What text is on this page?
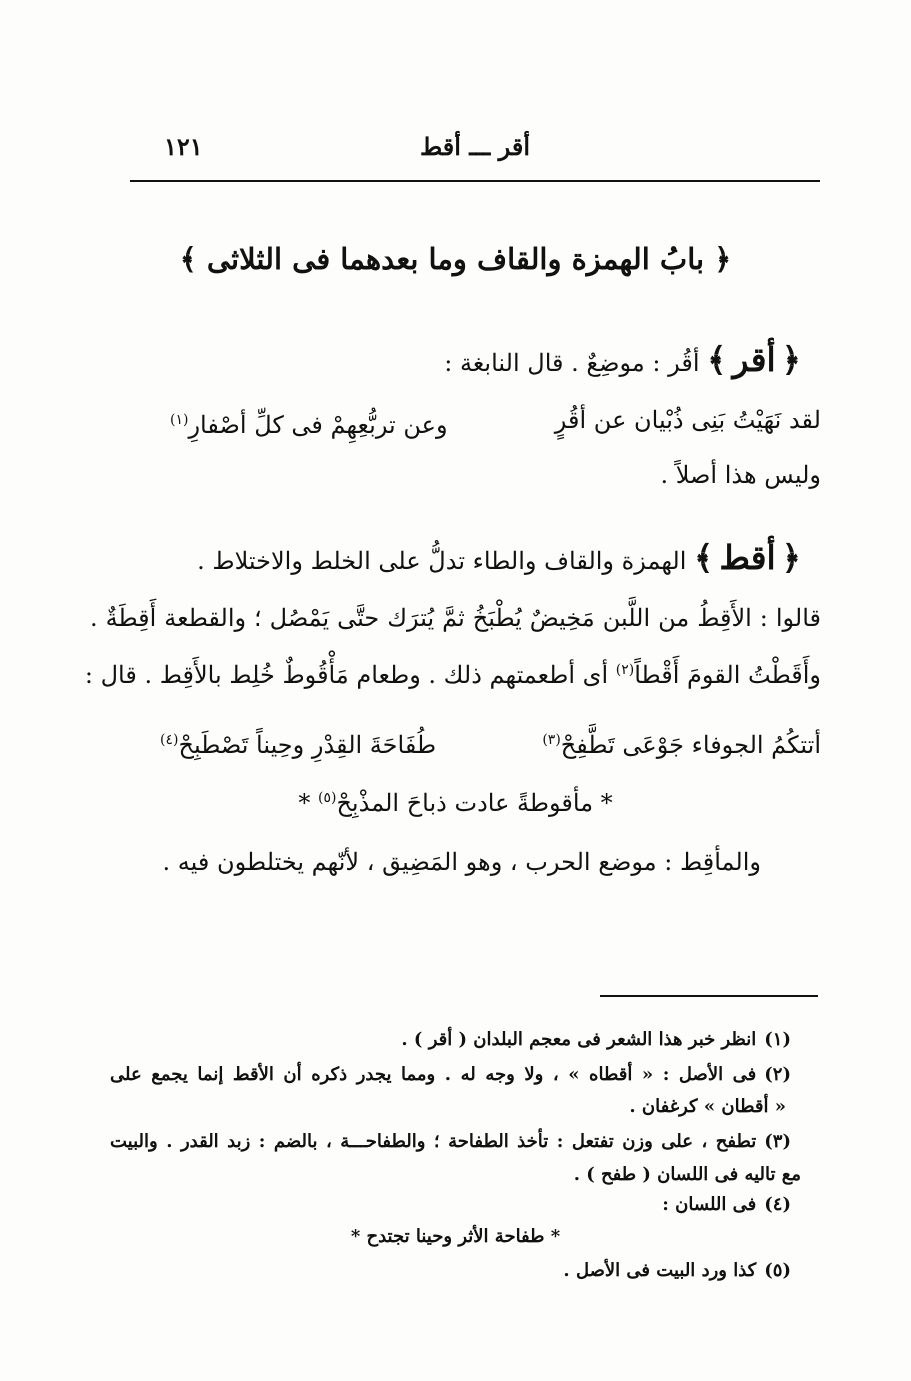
١٢١	أقر ـــ أقط
﴿ بابُ الهمزة والقاف وما بعدهما فى الثلاثى ﴾
﴿أقر﴾ أقُر : موضِعٌ . قال النابغة :
لقد نَهَيْتُ بَنِى ذُبْيان عن أقُرٍ
وعن تربُّعِهِمْ فى كلِّ أصْفارِ$^{(١)}$
وليس هذا أصلاً .
﴿أقط﴾ الهمزة والقاف والطاء تدلُّ على الخلط والاختلاط .
قالوا : الأَقِطُ من اللَّبن مَخِيضٌ يُطْبَخُ ثمَّ يُترَك حتَّى يَمْصُل ؛ والقطعة أَقِطَةٌ .
وأَقَطْتُ القومَ أَقْطاً$^{(٢)}$ أى أطعمتهم ذلك . وطعام مَأْقُوطٌ خُلِط بالأَقِط . قال :
أتتكُمُ الجوفاء جَوْعَى تَطَّفِحْ$^{(٣)}$
طُفَاحَةَ القِدْرِ وحِيناً تَصْطَبِحْ$^{(٤)}$
* مأقوطةً عادت ذباحَ المذْبِحْ$^{(٥)}$ *
والمأقِط : موضع الحرب ، وهو المَضِيق ، لأنّهم يختلطون فيه .
(١)انظر خبر هذا الشعر فى معجم البلدان ( أقر ) .
(٢)فى الأصل : « أقطاه » ، ولا وجه له . ومما يجدر ذكره أن الأقط إنما يجمع على
« أقطان » كرغفان .
(٣)تطفح ، على وزن تفتعل : تأخذ الطفاحة ؛ والطفاحـــة ، بالضم : زبد القدر . والبيت
مع تاليه فى اللسان ( طفح ) .
(٤)فى اللسان :
* طفاحة الأثر وحينا تجتدح *
(٥)كذا ورد البيت فى الأصل .
